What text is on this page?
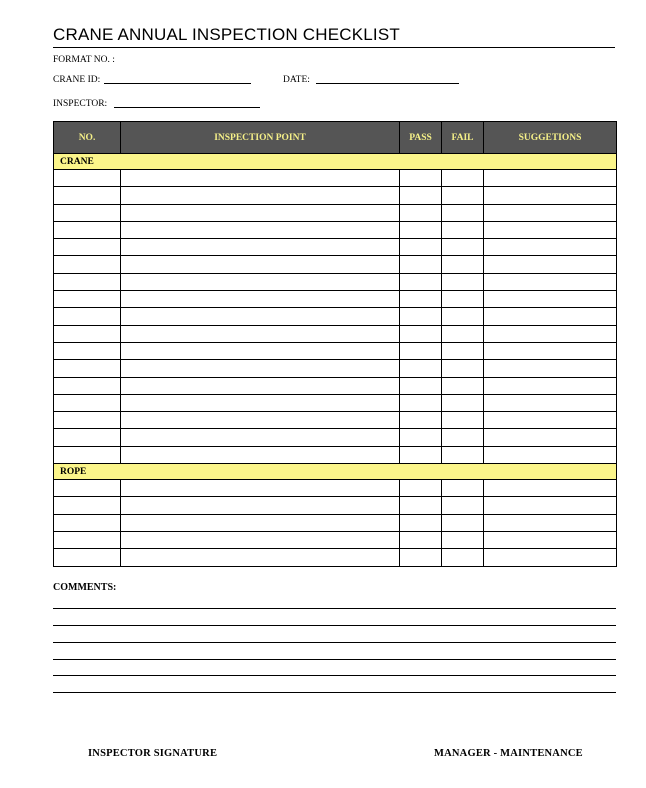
CRANE ANNUAL INSPECTION CHECKLIST
FORMAT NO. :
CRANE ID:	DATE:
INSPECTOR:
NO.	INSPECTION POINT	PASS	FAIL	SUGGETIONS
CRANE				

ROPE				

COMMENTS:
INSPECTOR SIGNATURE	MANAGER - MAINTENANCE
